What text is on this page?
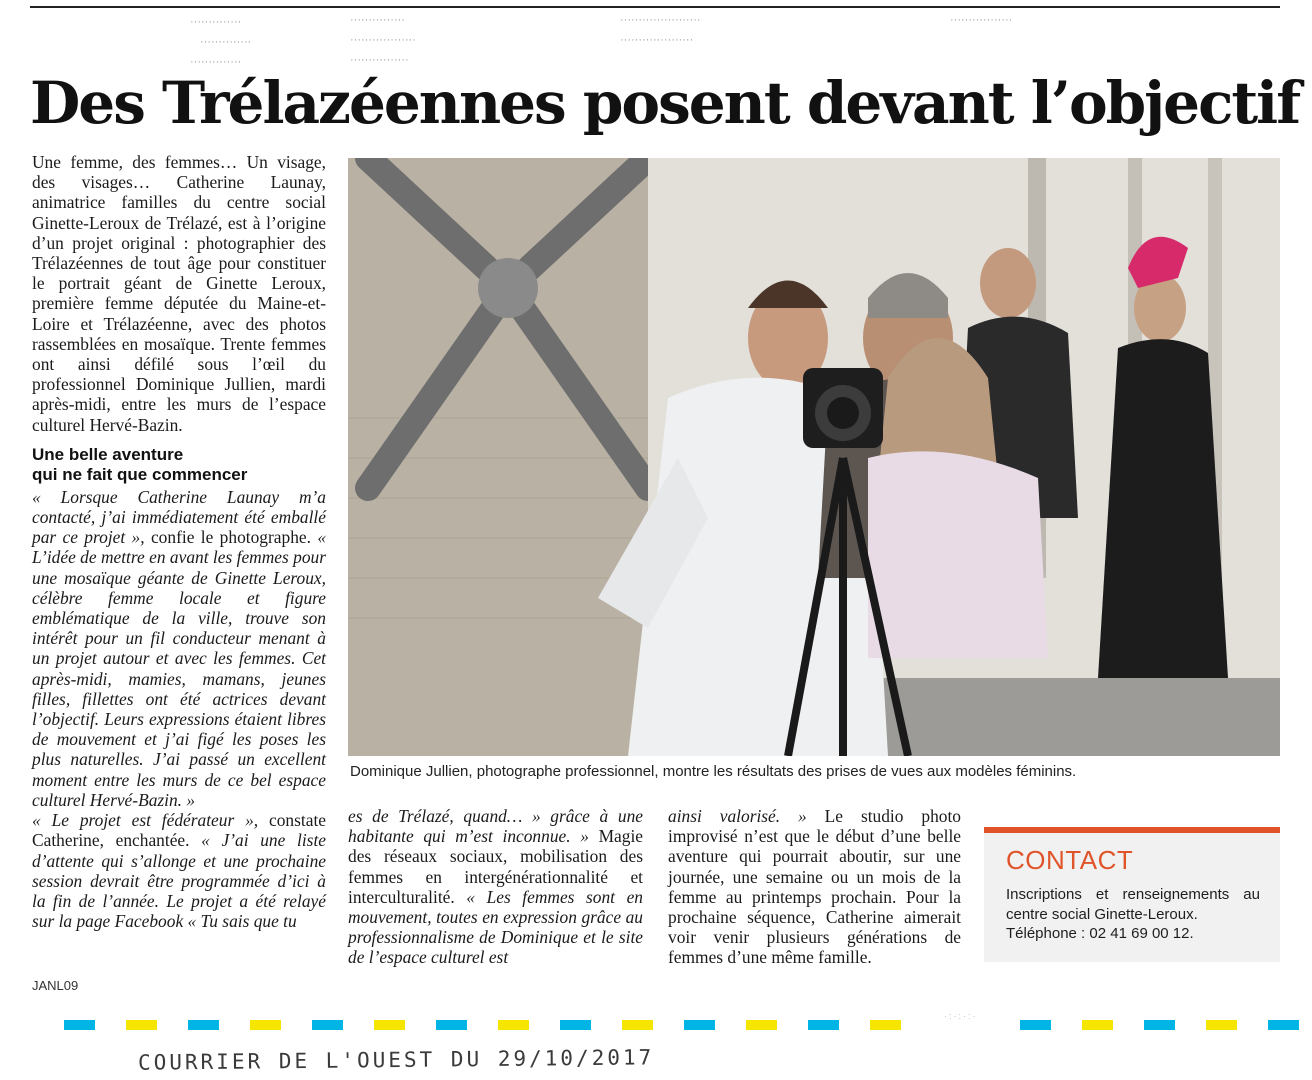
··············
··············
··············
···············	······················	·················
··················	····················
················
Des Trélazéennes posent devant l’objectif

Une femme, des femmes… Un visage, des visages… Catherine Launay, animatrice familles du centre social Ginette-Leroux de Trélazé, est à l’origine d’un projet original : photographier des Trélazéennes de tout âge pour constituer le portrait géant de Ginette Leroux, première femme députée du Maine-et-Loire et Trélazéenne, avec des photos rassemblées en mosaïque. Trente femmes ont ainsi défilé sous l’œil du professionnel Dominique Jullien, mardi après-midi, entre les murs de l’espace culturel Hervé-Bazin.

Une belle aventure
qui ne fait que commencer

« Lorsque Catherine Launay m’a contacté, j’ai immédiatement été emballé par ce projet », confie le photographe. « L’idée de mettre en avant les femmes pour une mosaïque géante de Ginette Leroux, célèbre femme locale et figure emblématique de la ville, trouve son intérêt pour un fil conducteur menant à un projet autour et avec les femmes. Cet après-midi, mamies, mamans, jeunes filles, fillettes ont été actrices devant l’objectif. Leurs expressions étaient libres de mouvement et j’ai figé les poses les plus naturelles. J’ai passé un excellent moment entre les murs de ce bel espace culturel Hervé-Bazin. »

« Le projet est fédérateur », constate Catherine, enchantée. « J’ai une liste d’attente qui s’allonge et une prochaine session devrait être programmée d’ici à la fin de l’année. Le projet a été relayé sur la page Facebook « Tu sais que tu

Dominique Jullien, photographe professionnel, montre les résultats des prises de vues aux modèles féminins.

es de Trélazé, quand… » grâce à une habitante qui m’est inconnue. » Magie des réseaux sociaux, mobilisation des femmes en intergénérationnalité et interculturalité. « Les femmes sont en mouvement, toutes en expression grâce au professionnalisme de Dominique et le site de l’espace culturel est

ainsi valorisé. » Le studio photo improvisé n’est que le début d’une belle aventure qui pourrait aboutir, sur une journée, une semaine ou un mois de la femme au printemps prochain. Pour la prochaine séquence, Catherine aimerait voir venir plusieurs générations de femmes d’une même famille.

CONTACT

Inscriptions et renseignements au centre social Ginette-Leroux.

Téléphone : 02 41 69 00 12.

JANL09
·:·:·:·
COURRIER DE L'OUEST DU 29/10/2017
